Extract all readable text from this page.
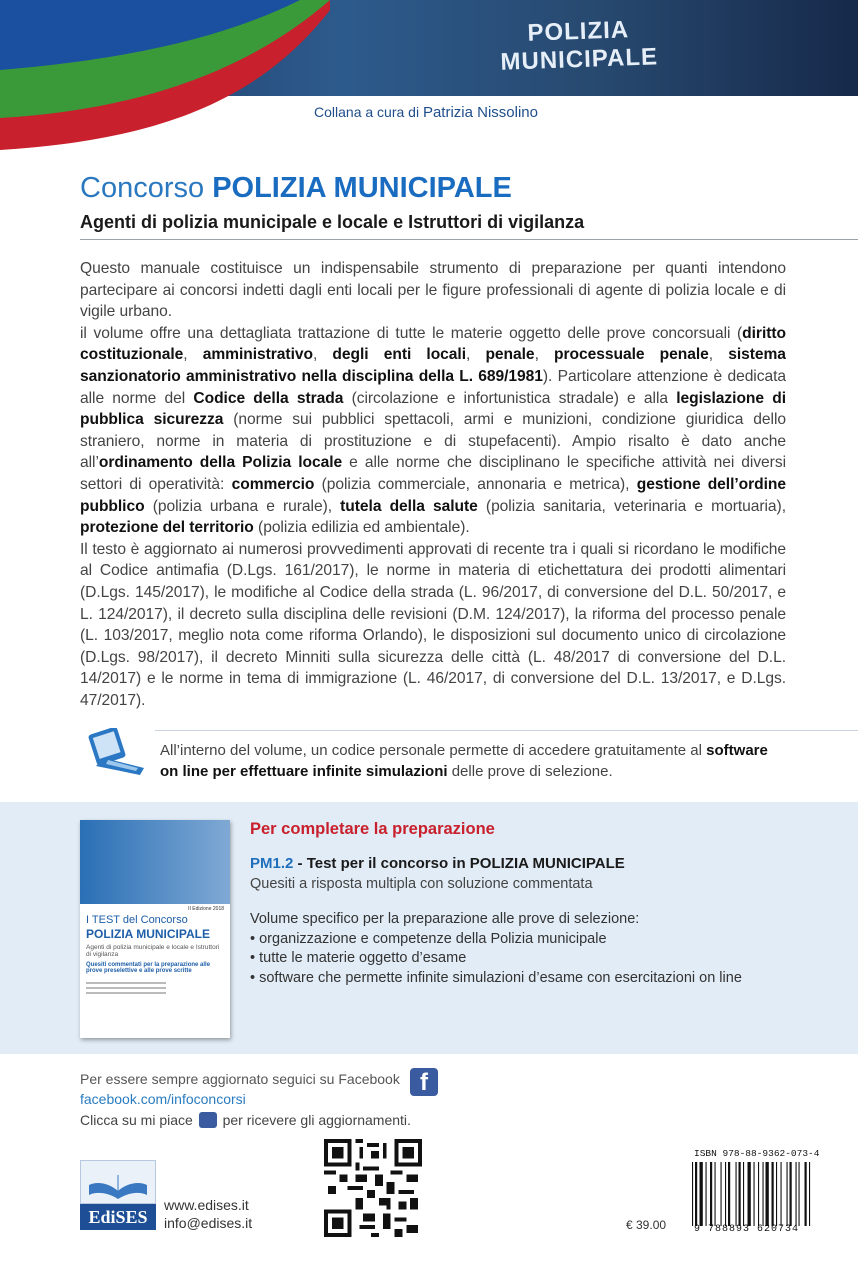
POLIZIA
MUNICIPALE
Collana a cura di Patrizia Nissolino
Concorso POLIZIA MUNICIPALE
Agenti di polizia municipale e locale e Istruttori di vigilanza

Questo manuale costituisce un indispensabile strumento di preparazione per quanti intendono partecipare ai concorsi indetti dagli enti locali per le figure professionali di agente di polizia locale e di vigile urbano.

il volume offre una dettagliata trattazione di tutte le materie oggetto delle prove concorsuali (diritto costituzionale, amministrativo, degli enti locali, penale, processuale penale, sistema sanzionatorio amministrativo nella disciplina della L. 689/1981). Particolare attenzione è dedicata alle norme del Codice della strada (circolazione e infortunistica stradale) e alla legislazione di pubblica sicurezza (norme sui pubblici spettacoli, armi e munizioni, condizione giuridica dello straniero, norme in materia di prostituzione e di stupefacenti). Ampio risalto è dato anche all’ordinamento della Polizia locale e alle norme che disciplinano le specifiche attività nei diversi settori di operatività: commercio (polizia commerciale, annonaria e metrica), gestione dell’ordine pubblico (polizia urbana e rurale), tutela della salute (polizia sanitaria, veterinaria e mortuaria), protezione del territorio (polizia edilizia ed ambientale).

Il testo è aggiornato ai numerosi provvedimenti approvati di recente tra i quali si ricordano le modifiche al Codice antimafia (D.Lgs. 161/2017), le norme in materia di etichettatura dei prodotti alimentari (D.Lgs. 145/2017), le modifiche al Codice della strada (L. 96/2017, di conversione del D.L. 50/2017, e L. 124/2017), il decreto sulla disciplina delle revisioni (D.M. 124/2017), la riforma del processo penale (L. 103/2017, meglio nota come riforma Orlando), le disposizioni sul documento unico di circolazione (D.Lgs. 98/2017), il decreto Minniti sulla sicurezza delle città (L. 48/2017 di conversione del D.L. 14/2017) e le norme in tema di immigrazione (L. 46/2017, di conversione del D.L. 13/2017, e D.Lgs. 47/2017).

All’interno del volume, un codice personale permette di accedere gratuitamente al software
on line per effettuare infinite simulazioni delle prove di selezione.
II Edizione 2018
I TEST del Concorso
POLIZIA MUNICIPALE
Agenti di polizia municipale e locale e Istruttori di vigilanza
Quesiti commentati per la preparazione alle prove preselettive e alle prove scritte
Per completare la preparazione
PM1.2 - Test per il concorso in POLIZIA MUNICIPALE
Quesiti a risposta multipla con soluzione commentata
Volume specifico per la preparazione alle prove di selezione:
• organizzazione e competenze della Polizia municipale
• tutte le materie oggetto d’esame
• software che permette infinite simulazioni d’esame con esercitazioni on line
Per essere sempre aggiornato seguici su Facebook f
facebook.com/infoconcorsi
Clicca su mi piace per ricevere gli aggiornamenti.
EdiSES
www.edises.it
info@edises.it
ISBN 978-88-9362-073-4
9 788893 620734
€ 39.00
